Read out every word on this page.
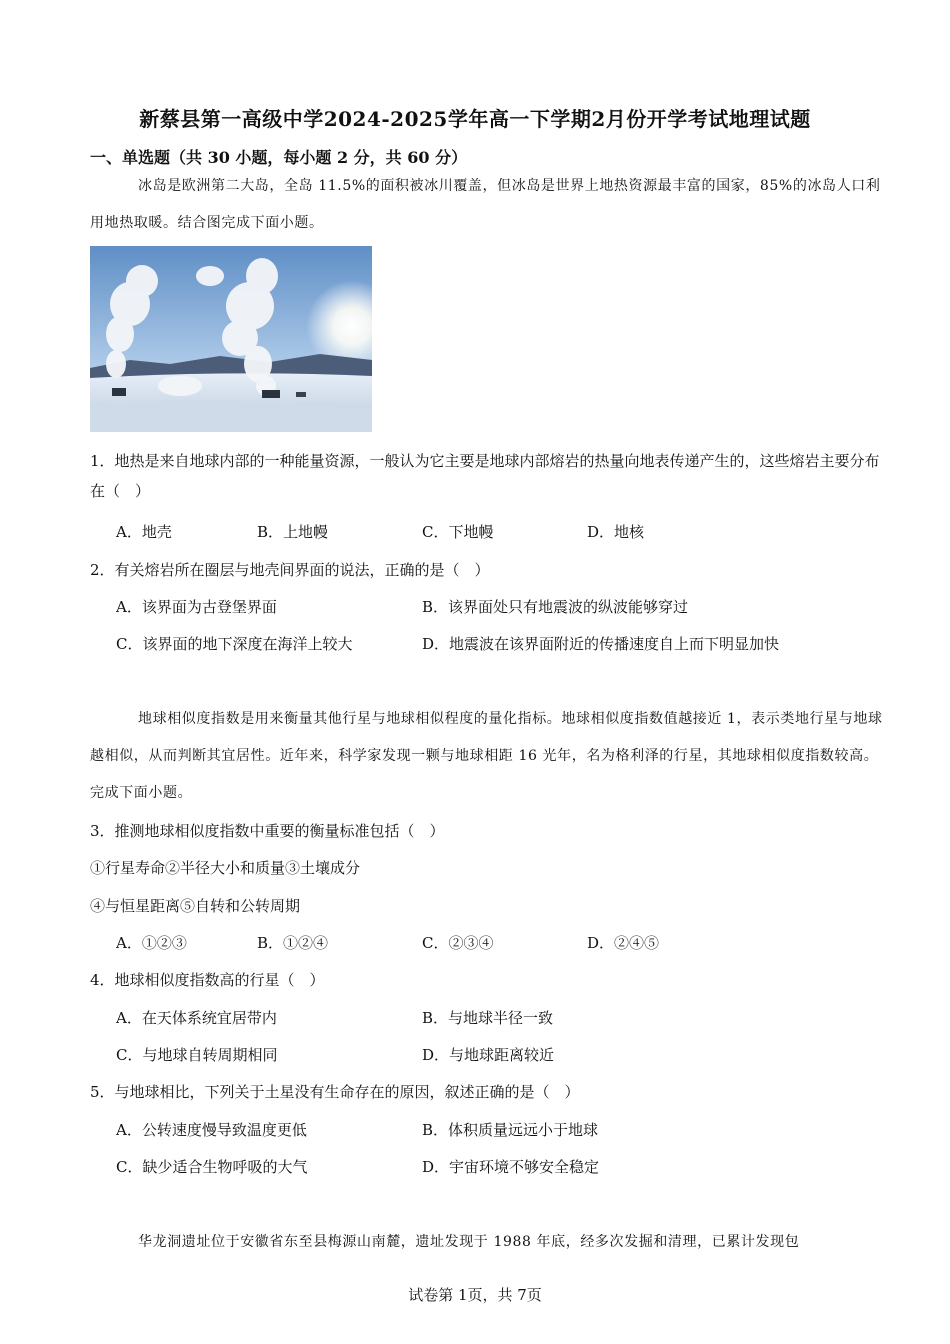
新蔡县第一高级中学2024-2025学年高一下学期2月份开学考试地理试题
一、单选题（共 30 小题，每小题 2 分，共 60 分）
冰岛是欧洲第二大岛，全岛 11.5%的面积被冰川覆盖，但冰岛是世界上地热资源最丰富的国家，85%的冰岛人口利用地热取暖。结合图完成下面小题。
1．地热是来自地球内部的一种能量资源，一般认为它主要是地球内部熔岩的热量向地表传递产生的，这些熔岩主要分布在（　）
A．地壳	B．上地幔	C．下地幔	D．地核
2．有关熔岩所在圈层与地壳间界面的说法，正确的是（　）
A．该界面为古登堡界面	B．该界面处只有地震波的纵波能够穿过
C．该界面的地下深度在海洋上较大	D．地震波在该界面附近的传播速度自上而下明显加快
地球相似度指数是用来衡量其他行星与地球相似程度的量化指标。地球相似度指数值越接近 1，表示类地行星与地球越相似，从而判断其宜居性。近年来，科学家发现一颗与地球相距 16 光年，名为格利泽的行星，其地球相似度指数较高。完成下面小题。
3．推测地球相似度指数中重要的衡量标准包括（　）
①行星寿命②半径大小和质量③土壤成分
④与恒星距离⑤自转和公转周期
A．①②③	B．①②④	C．②③④	D．②④⑤
4．地球相似度指数高的行星（　）
A．在天体系统宜居带内	B．与地球半径一致
C．与地球自转周期相同	D．与地球距离较近
5．与地球相比，下列关于土星没有生命存在的原因，叙述正确的是（　）
A．公转速度慢导致温度更低	B．体积质量远远小于地球
C．缺少适合生物呼吸的大气	D．宇宙环境不够安全稳定
华龙洞遗址位于安徽省东至县梅源山南麓，遗址发现于 1988 年底，经多次发掘和清理，已累计发现包
试卷第 1页，共 7页
